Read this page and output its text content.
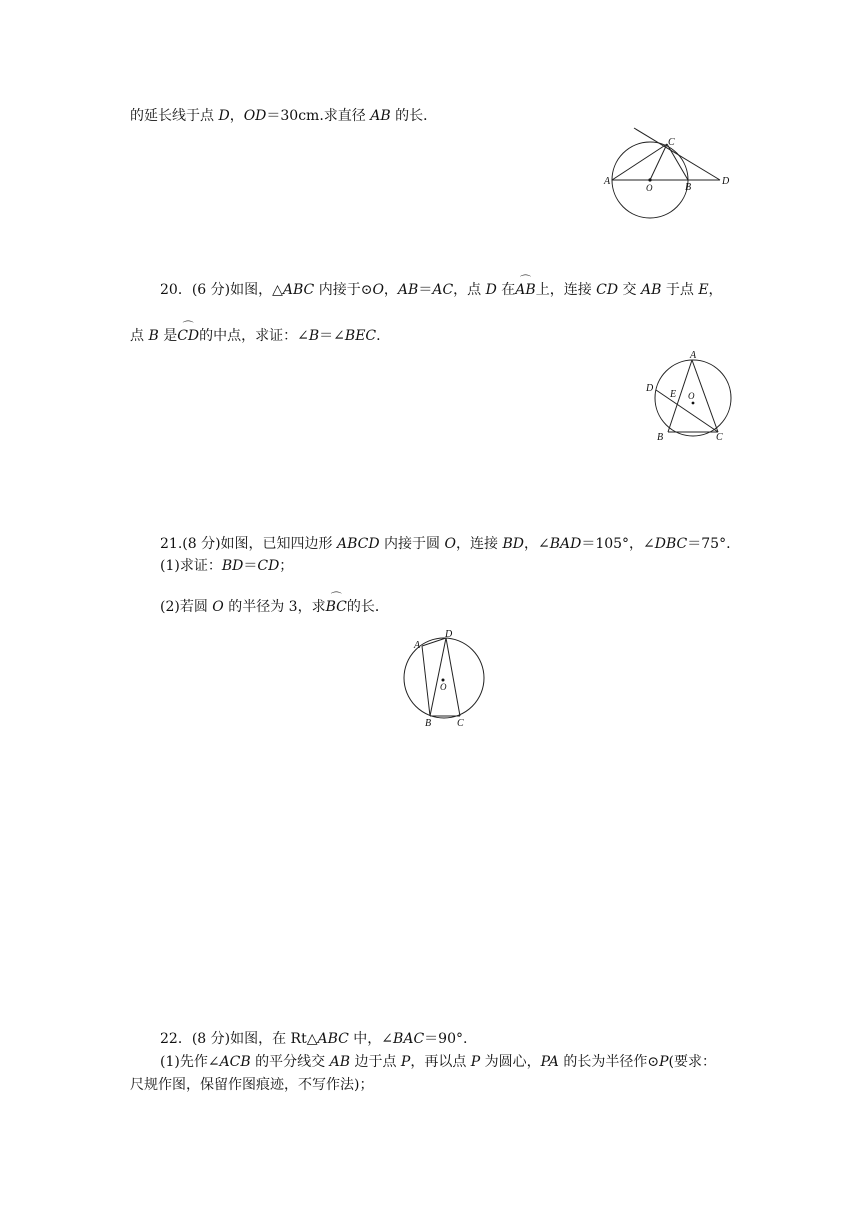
的延长线于点 D，OD＝30cm.求直径 AB 的长．
A
O	B
C
D
20．(6 分)如图，△ABC 内接于⊙O，AB＝AC，点 D 在⌒ AB上，连接 CD 交 AB 于点 E，
点 B 是⌒ CD的中点，求证：∠B＝∠BEC.
A
D
E O
B	C
21.(8 分)如图，已知四边形 ABCD 内接于圆 O，连接 BD，∠BAD＝105°，∠DBC＝75°.
(1)求证：BD＝CD；
(2)若圆 O 的半径为 3，求⌒ BC的长．
A
D
O
B	C
22．(8 分)如图，在 Rt△ABC 中，∠BAC＝90°.
(1)先作∠ACB 的平分线交 AB 边于点 P，再以点 P 为圆心，PA 的长为半径作⊙P(要求：
尺规作图，保留作图痕迹，不写作法)；
